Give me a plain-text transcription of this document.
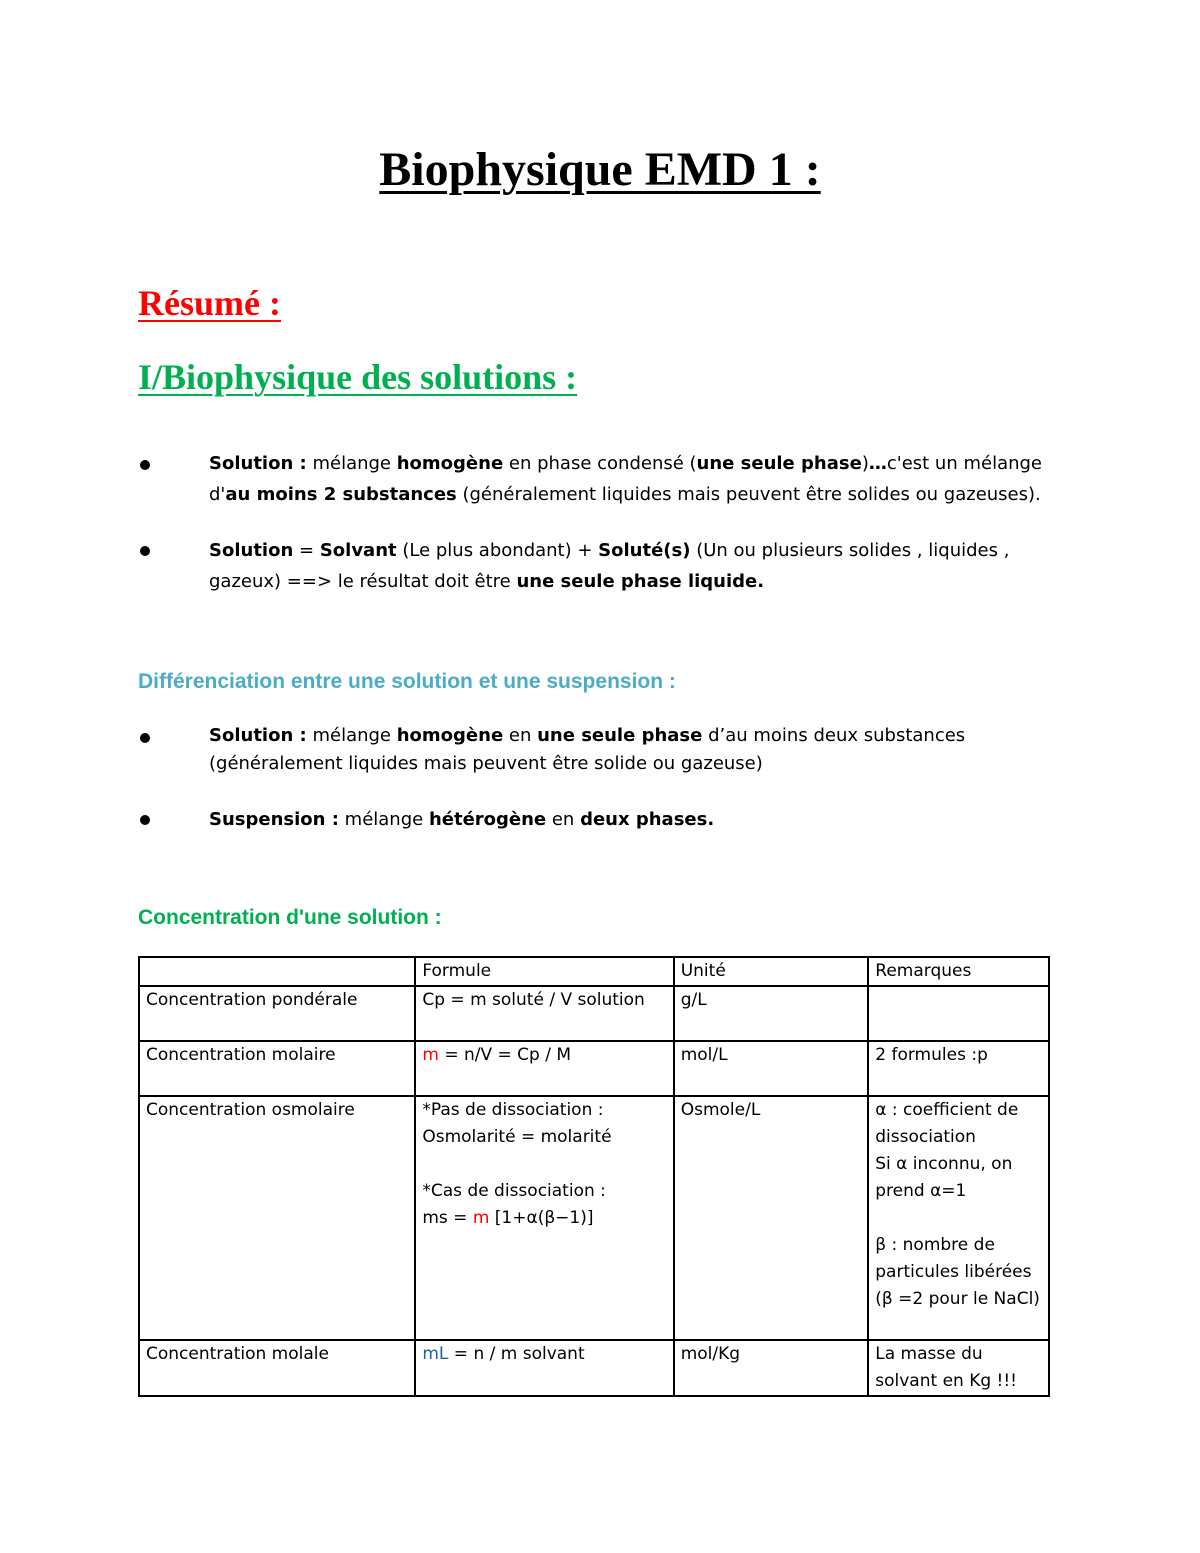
Biophysique EMD 1 :
Résumé :
I/Biophysique des solutions :
Solution : mélange homogène en phase condensé (une seule phase)…c'est un mélange d'au moins 2 substances (généralement liquides mais peuvent être solides ou gazeuses).
Solution = Solvant (Le plus abondant) + Soluté(s) (Un ou plusieurs solides , liquides , gazeux) ==> le résultat doit être une seule phase liquide.
Différenciation entre une solution et une suspension :
Solution : mélange homogène en une seule phase d’au moins deux substances
(généralement liquides mais peuvent être solide ou gazeuse)
Suspension : mélange hétérogène en deux phases.
Concentration d'une solution :
	Formule	Unité	Remarques
Concentration pondérale	Cp = m soluté / V solution	g/L	
Concentration molaire	m = n/V = Cp / M	mol/L	2 formules :p
Concentration osmolaire	*Pas de dissociation :
Osmolarité = molarité
*Cas de dissociation :
ms = m [1+α(β−1)]	Osmole/L	α : coefficient de dissociation
Si α inconnu, on prend α=1
β : nombre de particules libérées (β =2 pour le NaCl)
Concentration molale	mL = n / m solvant	mol/Kg	La masse du solvant en Kg !!!
